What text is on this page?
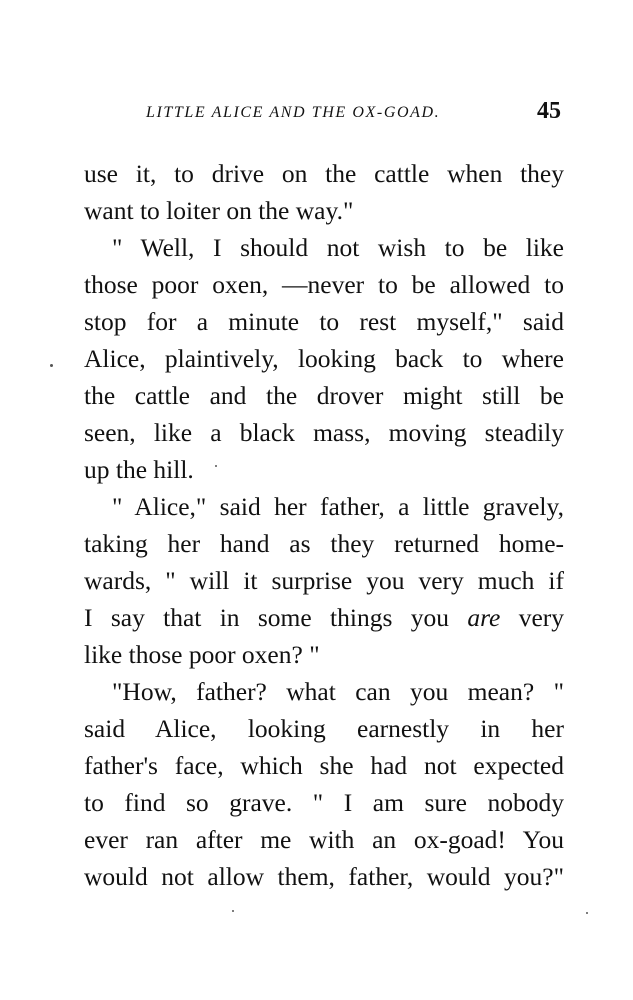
LITTLE ALICE AND THE OX-GOAD.	45
use it, to drive on the cattle when they
want to loiter on the way."
" Well, I should not wish to be like
those poor oxen, —never to be allowed to
stop for a minute to rest myself," said
Alice, plaintively, looking back to where
the cattle and the drover might still be
seen, like a black mass, moving steadily
up the hill.
" Alice," said her father, a little gravely,
taking her hand as they returned home-
wards, " will it surprise you very much if
I say that in some things you are very
like those poor oxen? "
"How, father? what can you mean? "
said Alice, looking earnestly in her
father's face, which she had not expected
to find so grave. " I am sure nobody
ever ran after me with an ox-goad! You
would not allow them, father, would you?"
